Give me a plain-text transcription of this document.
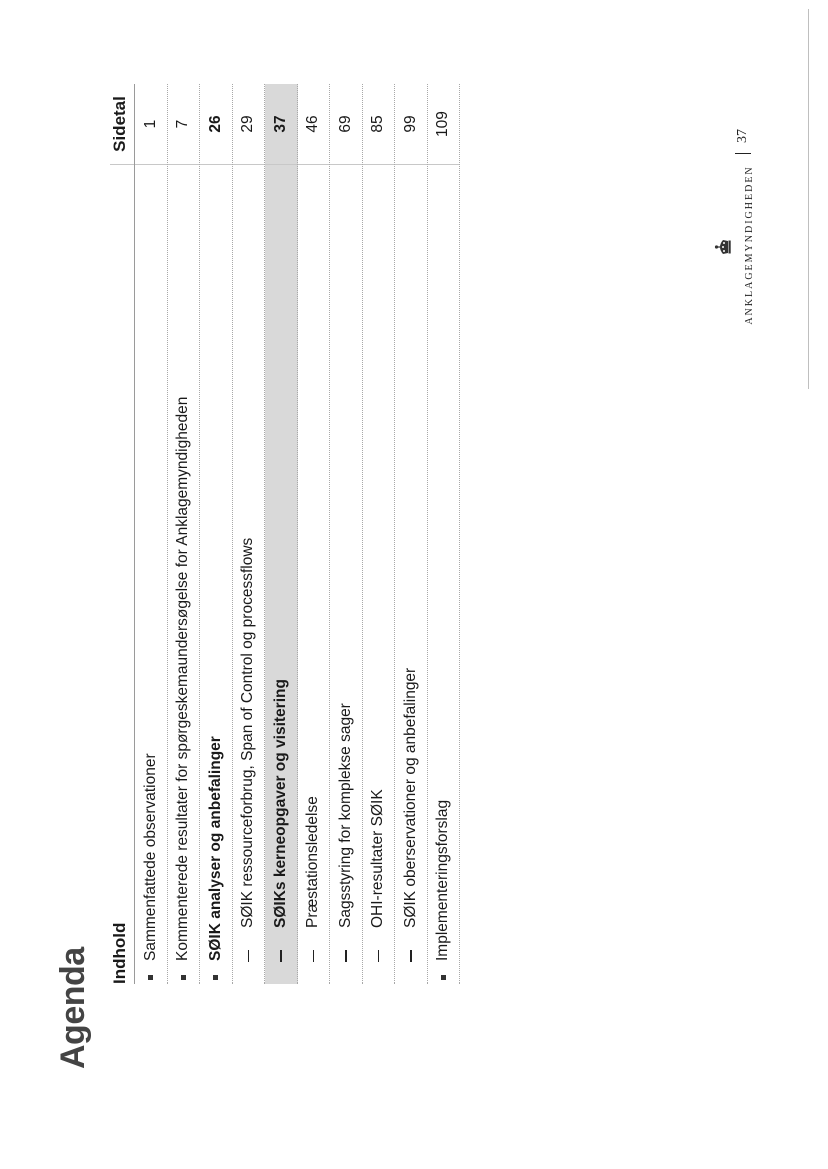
Agenda Indhold
Sidetal
Sammenfattede observationer
1
Kommenterede resultater for spørgeskemaundersøgelse for Anklagemyndigheden
7
SØIK analyser og anbefalinger
26
SØIK ressourceforbrug, Span of Control og processflows
29
SØIKs kerneopgaver og visitering
37
Præstationsledelse
46
Sagsstyring for komplekse sager
69
OHI-resultater SØIK
85
SØIK oberservationer og anbefalinger
99
Implementeringsforslag
109
ANKLAGEMYNDIGHEDEN
37
